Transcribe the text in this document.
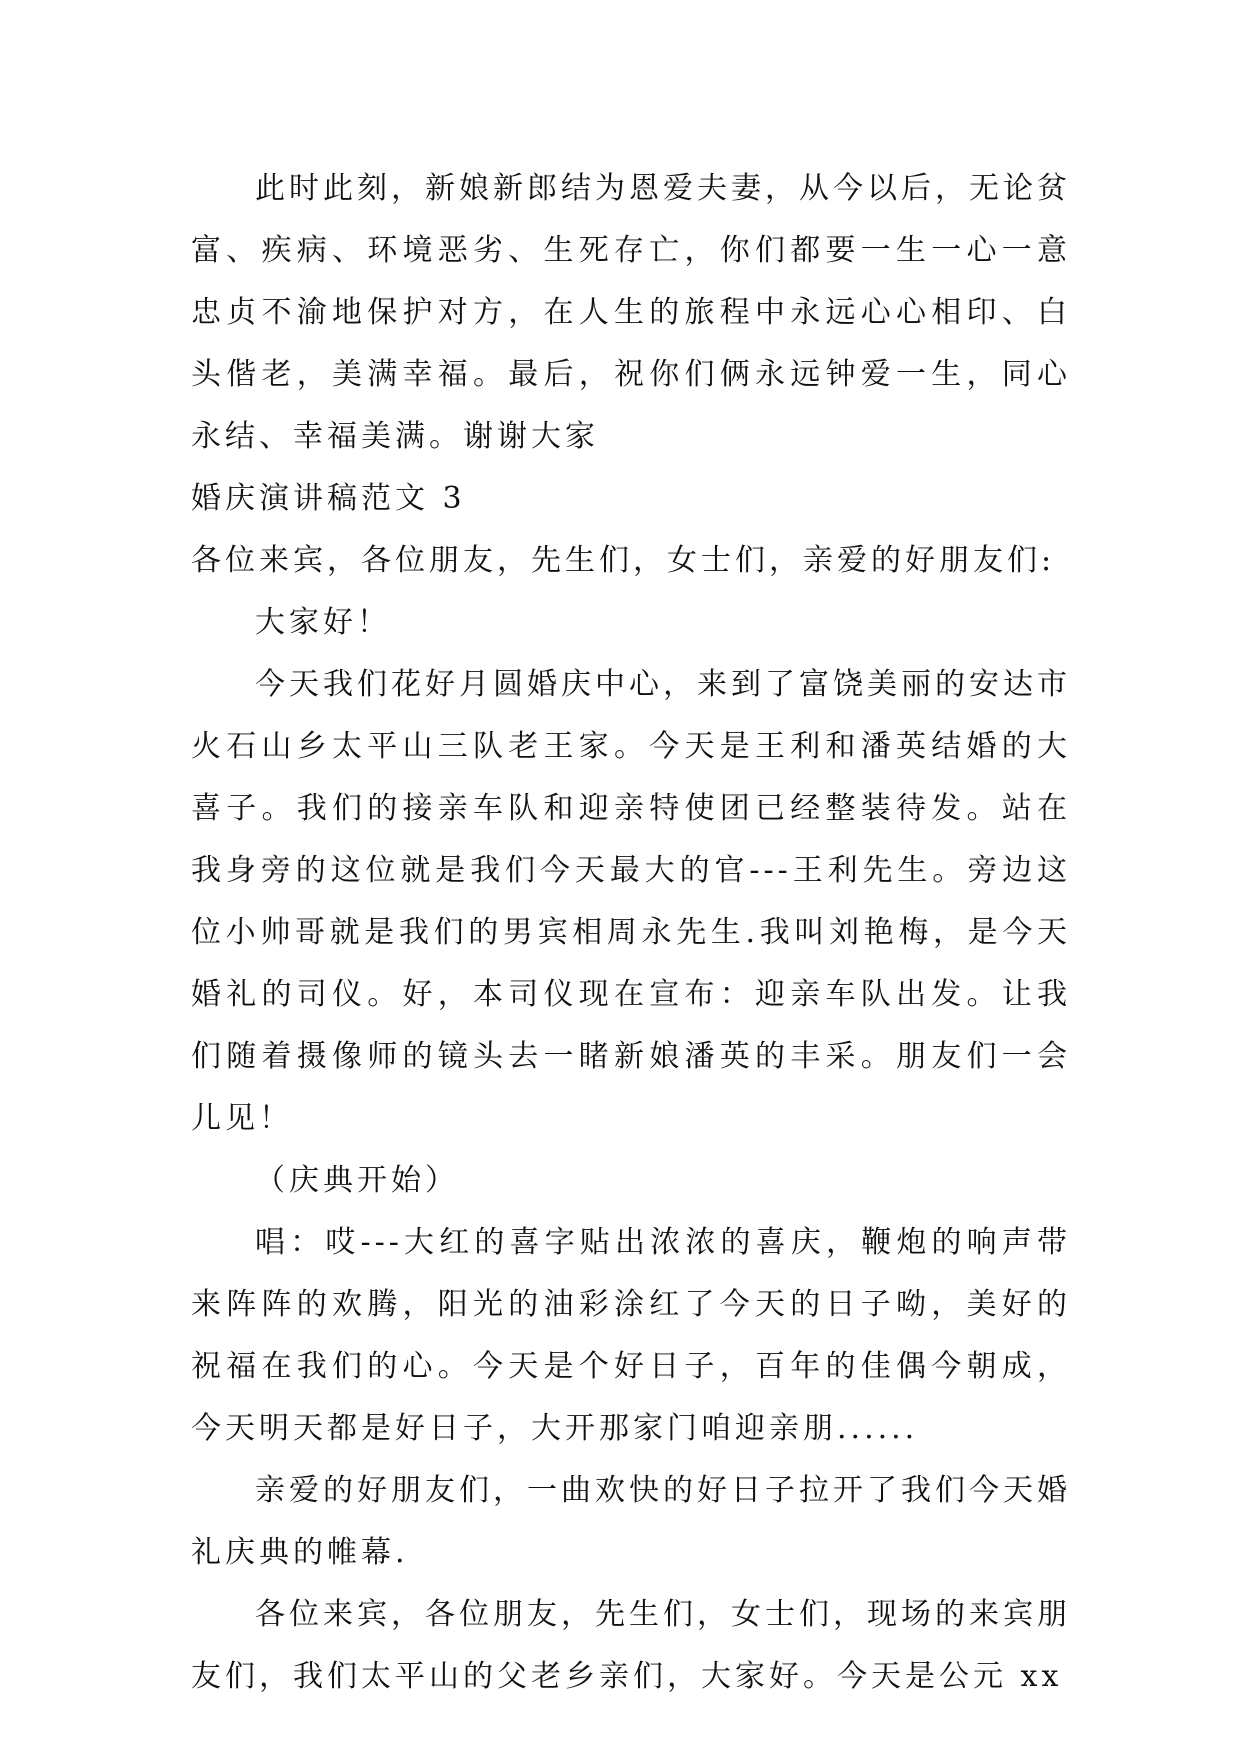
此时此刻，新娘新郎结为恩爱夫妻，从今以后，无论贫富、疾病、环境恶劣、生死存亡，你们都要一生一心一意忠贞不渝地保护对方，在人生的旅程中永远心心相印、白头偕老，美满幸福。最后，祝你们俩永远钟爱一生，同心永结、幸福美满。谢谢大家

婚庆演讲稿范文 3

各位来宾，各位朋友，先生们，女士们，亲爱的好朋友们:

大家好！

今天我们花好月圆婚庆中心，来到了富饶美丽的安达市火石山乡太平山三队老王家。今天是王利和潘英结婚的大喜子。我们的接亲车队和迎亲特使团已经整装待发。站在我身旁的这位就是我们今天最大的官---王利先生。旁边这位小帅哥就是我们的男宾相周永先生.我叫刘艳梅，是今天婚礼的司仪。好，本司仪现在宣布：迎亲车队出发。让我们随着摄像师的镜头去一睹新娘潘英的丰采。朋友们一会儿见！

（庆典开始）

唱：哎---大红的喜字贴出浓浓的喜庆，鞭炮的响声带来阵阵的欢腾，阳光的油彩涂红了今天的日子呦，美好的祝福在我们的心。今天是个好日子，百年的佳偶今朝成，今天明天都是好日子，大开那家门咱迎亲朋......

亲爱的好朋友们，一曲欢快的好日子拉开了我们今天婚礼庆典的帷幕.

各位来宾，各位朋友，先生们，女士们，现场的来宾朋友们，我们太平山的父老乡亲们，大家好。今天是公元 xx
